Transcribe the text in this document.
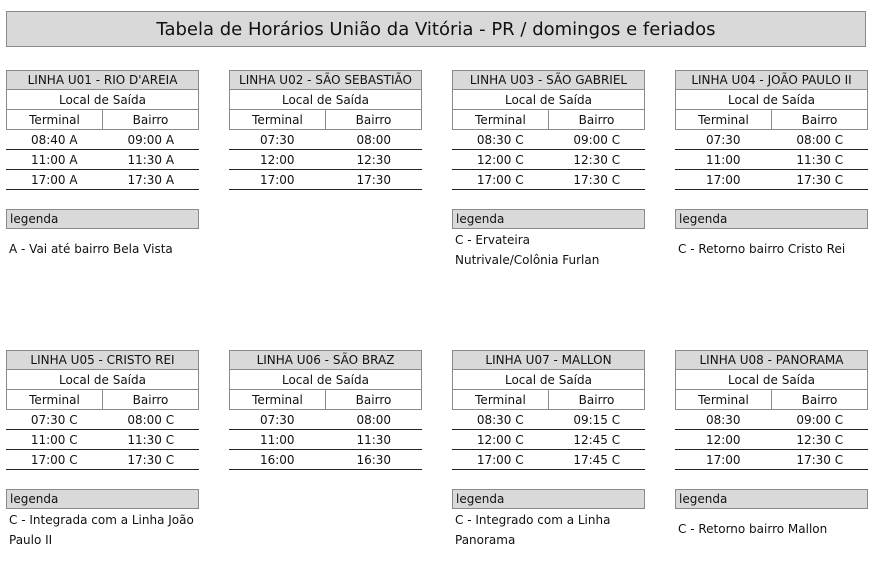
Tabela de Horários União da Vitória - PR / domingos e feriados
LINHA U01 - RIO D'AREIA
Local de Saída
Terminal	Bairro
08:40 A	09:00 A
11:00 A	11:30 A
17:00 A	17:30 A
LINHA U02 - SÃO SEBASTIÃO
Local de Saída
Terminal	Bairro
07:30	08:00
12:00	12:30
17:00	17:30
LINHA U03 - SÃO GABRIEL
Local de Saída
Terminal	Bairro
08:30 C	09:00 C
12:00 C	12:30 C
17:00 C	17:30 C
LINHA U04 - JOÃO PAULO II
Local de Saída
Terminal	Bairro
07:30	08:00 C
11:00	11:30 C
17:00	17:30 C
LINHA U05 - CRISTO REI
Local de Saída
Terminal	Bairro
07:30 C	08:00 C
11:00 C	11:30 C
17:00 C	17:30 C
LINHA U06 - SÃO BRAZ
Local de Saída
Terminal	Bairro
07:30	08:00
11:00	11:30
16:00	16:30
LINHA U07 - MALLON
Local de Saída
Terminal	Bairro
08:30 C	09:15 C
12:00 C	12:45 C
17:00 C	17:45 C
LINHA U08 - PANORAMA
Local de Saída
Terminal	Bairro
08:30	09:00 C
12:00	12:30 C
17:00	17:30 C
legenda
A - Vai até bairro Bela Vista
legenda
C - Ervateira Nutrivale/Colônia Furlan
legenda
C - Retorno bairro Cristo Rei
legenda
C - Integrada com a Linha João Paulo II
legenda
C - Integrado com a Linha Panorama
legenda
C - Retorno bairro Mallon
